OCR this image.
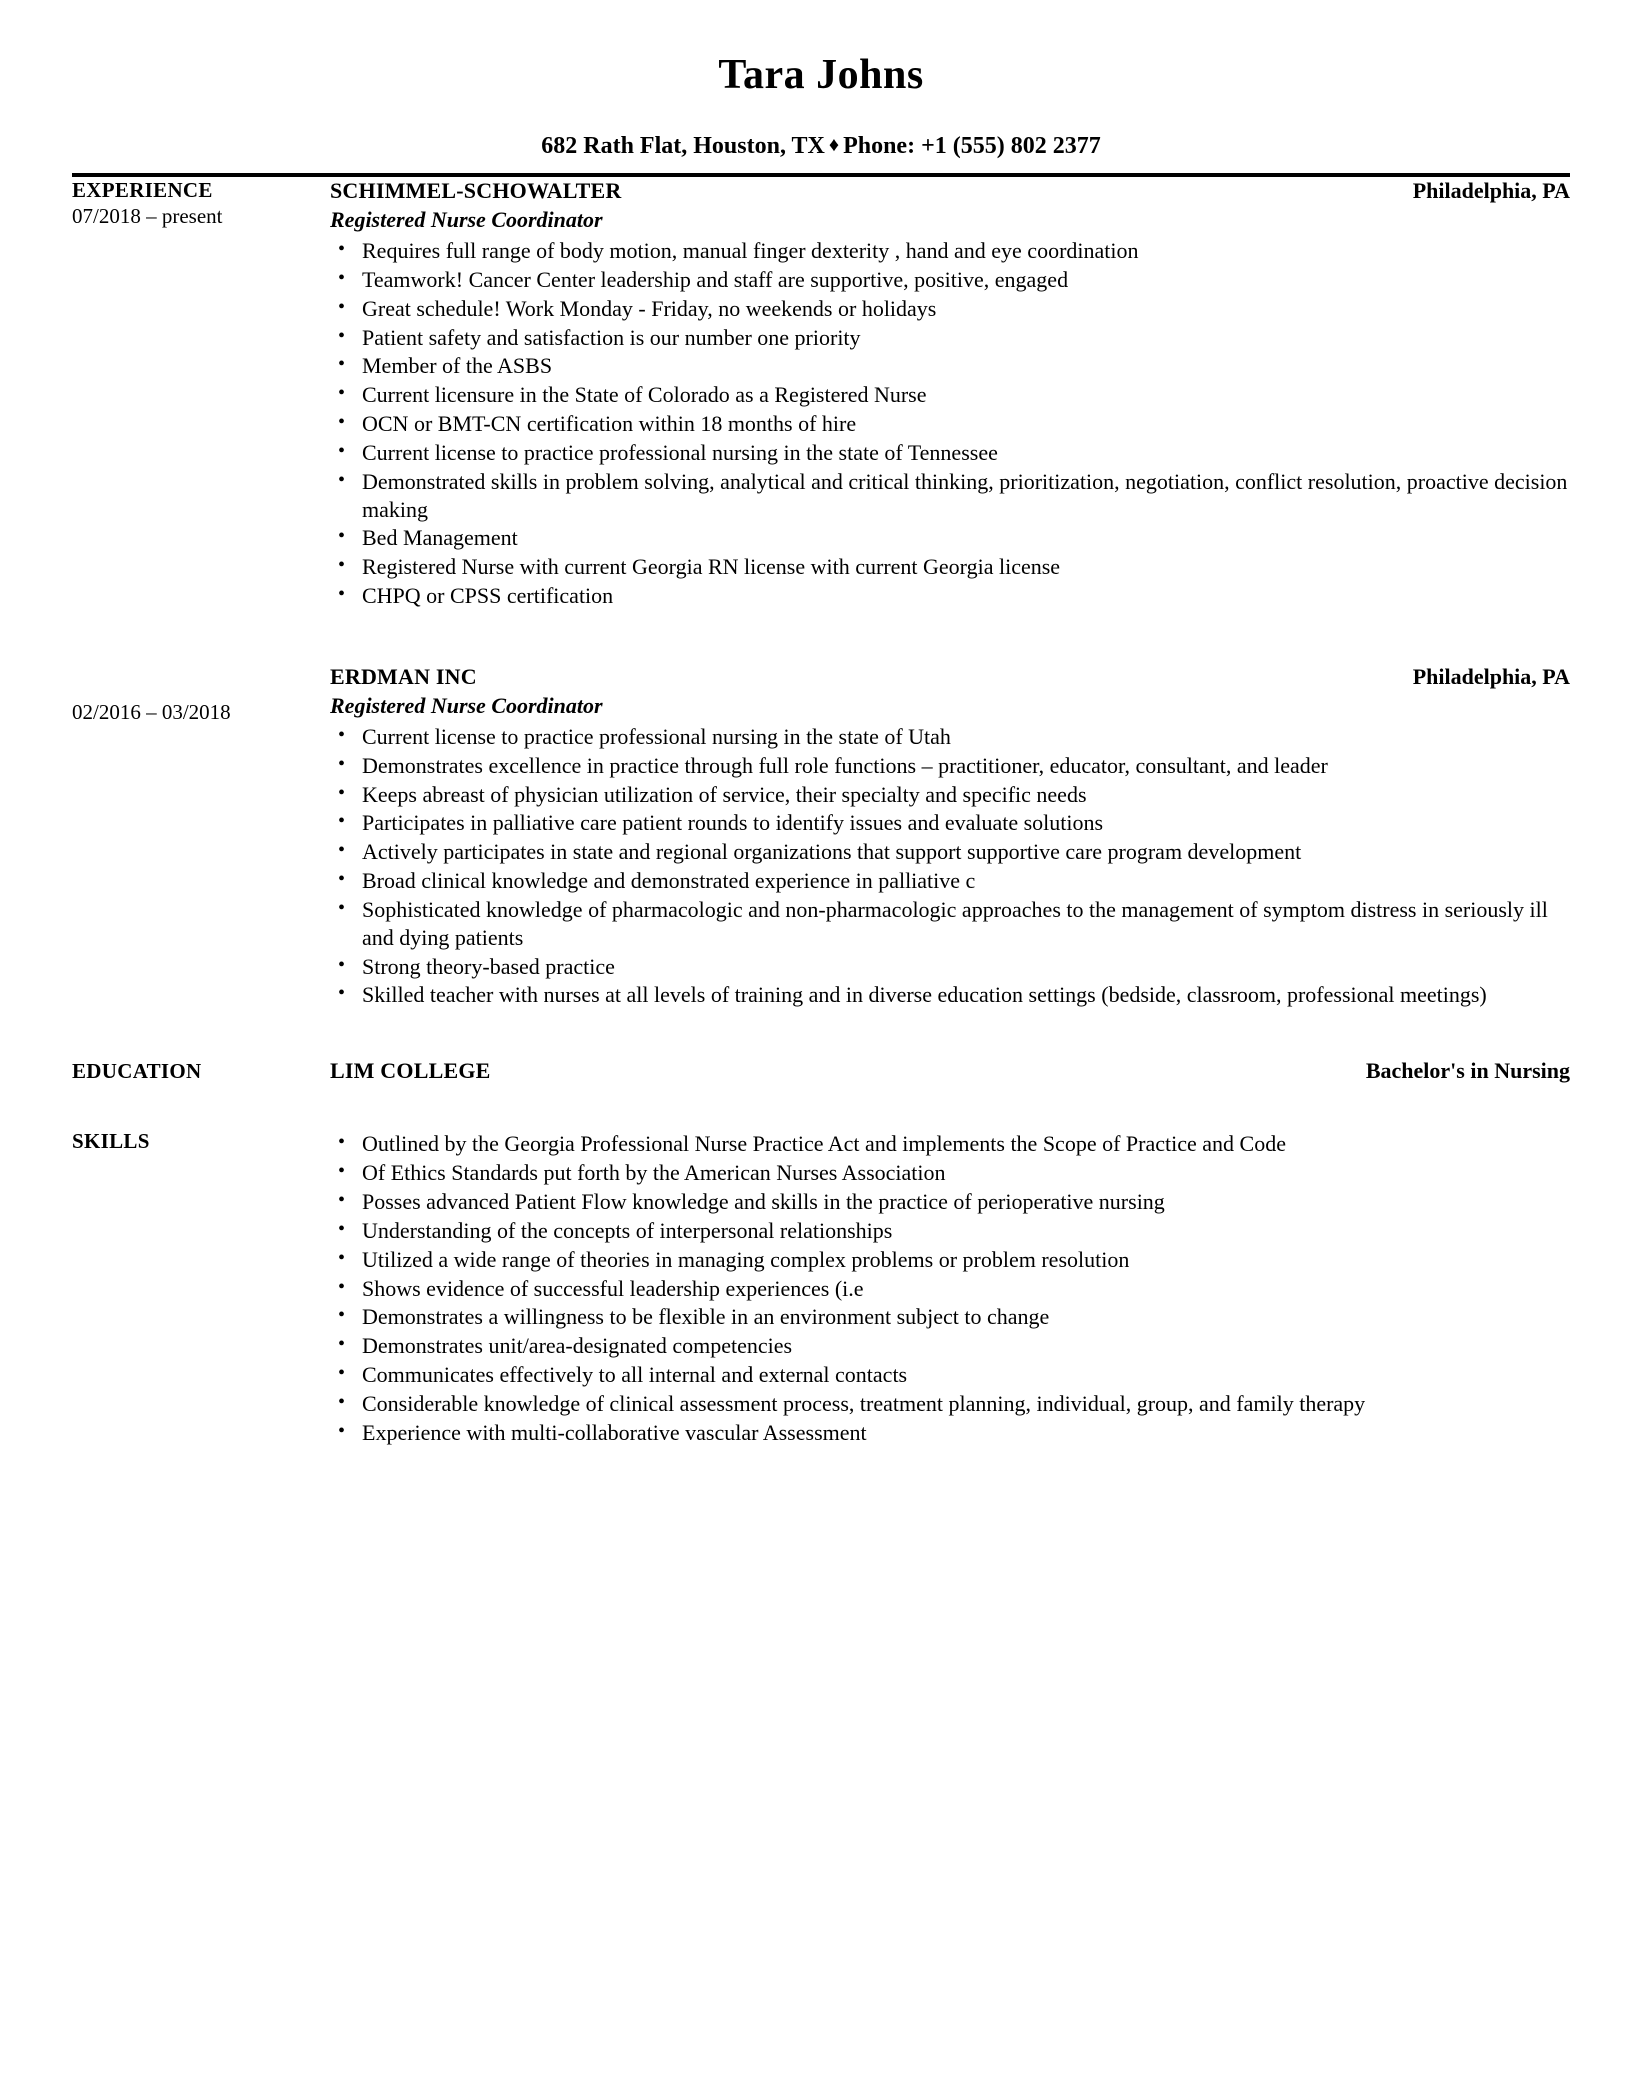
Tara Johns
682 Rath Flat, Houston, TX ♦ Phone: +1 (555) 802 2377
EXPERIENCE
07/2018 – present
SCHIMMEL-SCHOWALTER	Philadelphia, PA
Registered Nurse Coordinator
• Requires full range of body motion, manual finger dexterity , hand and eye coordination
• Teamwork! Cancer Center leadership and staff are supportive, positive, engaged
• Great schedule! Work Monday - Friday, no weekends or holidays
• Patient safety and satisfaction is our number one priority
• Member of the ASBS
• Current licensure in the State of Colorado as a Registered Nurse
• OCN or BMT-CN certification within 18 months of hire
• Current license to practice professional nursing in the state of Tennessee
• Demonstrated skills in problem solving, analytical and critical thinking, prioritization, negotiation, conflict resolution, proactive decision making
• Bed Management
• Registered Nurse with current Georgia RN license with current Georgia license
• CHPQ or CPSS certification
02/2016 – 03/2018
ERDMAN INC	Philadelphia, PA
Registered Nurse Coordinator
• Current license to practice professional nursing in the state of Utah
• Demonstrates excellence in practice through full role functions – practitioner, educator, consultant, and leader
• Keeps abreast of physician utilization of service, their specialty and specific needs
• Participates in palliative care patient rounds to identify issues and evaluate solutions
• Actively participates in state and regional organizations that support supportive care program development
• Broad clinical knowledge and demonstrated experience in palliative c
• Sophisticated knowledge of pharmacologic and non-pharmacologic approaches to the management of symptom distress in seriously ill and dying patients
• Strong theory-based practice
• Skilled teacher with nurses at all levels of training and in diverse education settings (bedside, classroom, professional meetings)
EDUCATION	LIM COLLEGE	Bachelor's in Nursing
SKILLS	• Outlined by the Georgia Professional Nurse Practice Act and implements the Scope of Practice and Code
• Of Ethics Standards put forth by the American Nurses Association
• Posses advanced Patient Flow knowledge and skills in the practice of perioperative nursing
• Understanding of the concepts of interpersonal relationships
• Utilized a wide range of theories in managing complex problems or problem resolution
• Shows evidence of successful leadership experiences (i.e
• Demonstrates a willingness to be flexible in an environment subject to change
• Demonstrates unit/area-designated competencies
• Communicates effectively to all internal and external contacts
• Considerable knowledge of clinical assessment process, treatment planning, individual, group, and family therapy
• Experience with multi-collaborative vascular Assessment
